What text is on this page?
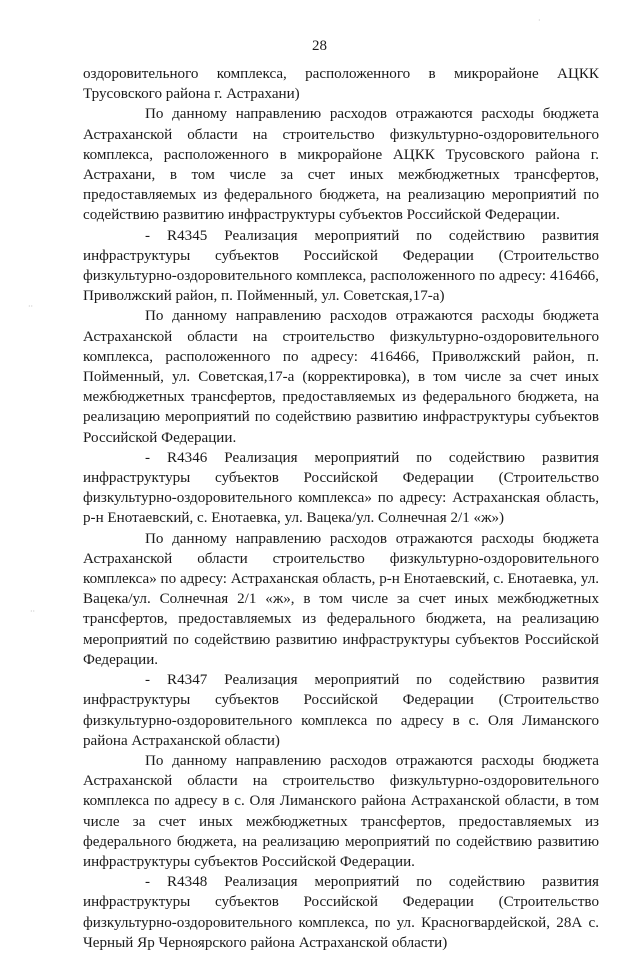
28
··
··
·

оздоровительного комплекса, расположенного в микрорайоне АЦКК Трусовского района г. Астрахани)

По данному направлению расходов отражаются расходы бюджета Астраханской области на строительство физкультурно-оздоровительного комплекса, расположенного в микрорайоне АЦКК Трусовского района г. Астрахани, в том числе за счет иных межбюджетных трансфертов, предоставляемых из федерального бюджета, на реализацию мероприятий по содействию развитию инфраструктуры субъектов Российской Федерации.

- R4345 Реализация мероприятий по содействию развития инфраструктуры субъектов Российской Федерации (Строительство физкультурно-оздоровительного комплекса, расположенного по адресу: 416466, Приволжский район, п. Пойменный, ул. Советская,17-а)

По данному направлению расходов отражаются расходы бюджета Астраханской области на строительство физкультурно-оздоровительного комплекса, расположенного по адресу: 416466, Приволжский район, п. Пойменный, ул. Советская,17-а (корректировка), в том числе за счет иных межбюджетных трансфертов, предоставляемых из федерального бюджета, на реализацию мероприятий по содействию развитию инфраструктуры субъектов Российской Федерации.

- R4346 Реализация мероприятий по содействию развития инфраструктуры субъектов Российской Федерации (Строительство физкультурно-оздоровительного комплекса» по адресу: Астраханская область, р-н Енотаевский, с. Енотаевка, ул. Вацека/ул. Солнечная 2/1 «ж»)

По данному направлению расходов отражаются расходы бюджета Астраханской области строительство физкультурно-оздоровительного комплекса» по адресу: Астраханская область, р-н Енотаевский, с. Енотаевка, ул. Вацека/ул. Солнечная 2/1 «ж», в том числе за счет иных межбюджетных трансфертов, предоставляемых из федерального бюджета, на реализацию мероприятий по содействию развитию инфраструктуры субъектов Российской Федерации.

- R4347 Реализация мероприятий по содействию развития инфраструктуры субъектов Российской Федерации (Строительство физкультурно-оздоровительного комплекса по адресу в с. Оля Лиманского района Астраханской области)

По данному направлению расходов отражаются расходы бюджета Астраханской области на строительство физкультурно-оздоровительного комплекса по адресу в с. Оля Лиманского района Астраханской области, в том числе за счет иных межбюджетных трансфертов, предоставляемых из федерального бюджета, на реализацию мероприятий по содействию развитию инфраструктуры субъектов Российской Федерации.

- R4348 Реализация мероприятий по содействию развития инфраструктуры субъектов Российской Федерации (Строительство физкультурно-оздоровительного комплекса, по ул. Красногвардейской, 28А с. Черный Яр Черноярского района Астраханской области)
